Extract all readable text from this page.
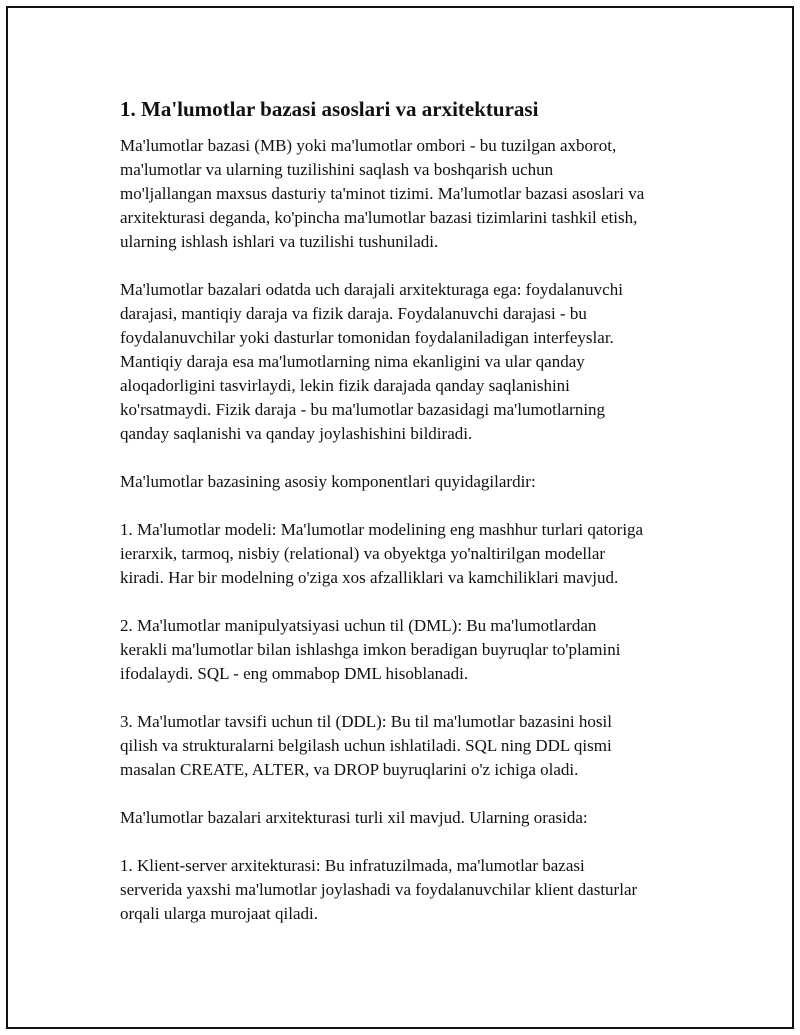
1. Ma'lumotlar bazasi asoslari va arxitekturasi

Ma'lumotlar bazasi (MB) yoki ma'lumotlar ombori - bu tuzilgan axborot,
ma'lumotlar va ularning tuzilishini saqlash va boshqarish uchun
mo'ljallangan maxsus dasturiy ta'minot tizimi. Ma'lumotlar bazasi asoslari va
arxitekturasi deganda, ko'pincha ma'lumotlar bazasi tizimlarini tashkil etish,
ularning ishlash ishlari va tuzilishi tushuniladi.

Ma'lumotlar bazalari odatda uch darajali arxitekturaga ega: foydalanuvchi
darajasi, mantiqiy daraja va fizik daraja. Foydalanuvchi darajasi - bu
foydalanuvchilar yoki dasturlar tomonidan foydalaniladigan interfeyslar.
Mantiqiy daraja esa ma'lumotlarning nima ekanligini va ular qanday
aloqadorligini tasvirlaydi, lekin fizik darajada qanday saqlanishini
ko'rsatmaydi. Fizik daraja - bu ma'lumotlar bazasidagi ma'lumotlarning
qanday saqlanishi va qanday joylashishini bildiradi.

Ma'lumotlar bazasining asosiy komponentlari quyidagilardir:

1. Ma'lumotlar modeli: Ma'lumotlar modelining eng mashhur turlari qatoriga
ierarxik, tarmoq, nisbiy (relational) va obyektga yo'naltirilgan modellar
kiradi. Har bir modelning o'ziga xos afzalliklari va kamchiliklari mavjud.

2. Ma'lumotlar manipulyatsiyasi uchun til (DML): Bu ma'lumotlardan
kerakli ma'lumotlar bilan ishlashga imkon beradigan buyruqlar to'plamini
ifodalaydi. SQL - eng ommabop DML hisoblanadi.

3. Ma'lumotlar tavsifi uchun til (DDL): Bu til ma'lumotlar bazasini hosil
qilish va strukturalarni belgilash uchun ishlatiladi. SQL ning DDL qismi
masalan CREATE, ALTER, va DROP buyruqlarini o'z ichiga oladi.

Ma'lumotlar bazalari arxitekturasi turli xil mavjud. Ularning orasida:

1. Klient-server arxitekturasi: Bu infratuzilmada, ma'lumotlar bazasi
serverida yaxshi ma'lumotlar joylashadi va foydalanuvchilar klient dasturlar
orqali ularga murojaat qiladi.
